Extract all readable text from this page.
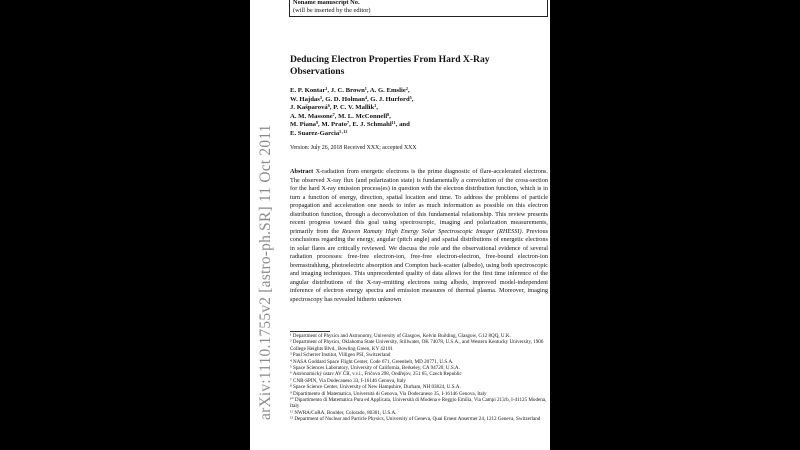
arXiv:1110.1755v2 [astro-ph.SR] 11 Oct 2011
Noname manuscript No.
(will be inserted by the editor)
Deducing Electron Properties From Hard X-Ray Observations
E. P. Kontar¹, J. C. Brown¹, A. G. Emslie²,
W. Hajdas³, G. D. Holman⁴, G. J. Hurford⁵,
J. Kašparová⁶, P. C. V. Mallik¹,
A. M. Massone⁷, M. L. McConnell⁸,
M. Piana⁹, M. Prato⁷, E. J. Schmahl¹¹, and
E. Suarez-Garcia¹·¹²
Version: July 26, 2018 Received XXX; accepted XXX
Abstract X-radiation from energetic electrons is the prime diagnostic of flare-accelerated electrons. The observed X-ray flux (and polarization state) is fundamentally a convolution of the cross-section for the hard X-ray emission process(es) in question with the electron distribution function, which is in turn a function of energy, direction, spatial location and time. To address the problems of particle propagation and acceleration one needs to infer as much information as possible on this electron distribution function, through a deconvolution of this fundamental relationship. This review presents recent progress toward this goal using spectroscopic, imaging and polarization measurements, primarily from the Reuven Ramaty High Energy Solar Spectroscopic Imager (RHESSI). Previous conclusions regarding the energy, angular (pitch angle) and spatial distributions of energetic electrons in solar flares are critically reviewed. We discuss the role and the observational evidence of several radiation processes: free-free electron-ion, free-free electron-electron, free-bound electron-ion bremsstrahlung, photoelectric absorption and Compton back-scatter (albedo), using both spectroscopic and imaging techniques. This unprecedented quality of data allows for the first time inference of the angular distributions of the X-ray-emitting electrons using albedo, improved model-independent inference of electron energy spectra and emission measures of thermal plasma. Moreover, imaging spectroscopy has revealed hitherto unknown
¹ Department of Physics and Astronomy, University of Glasgow, Kelvin Building, Glasgow, G12 8QQ, U.K.
² Department of Physics, Oklahoma State University, Stillwater, OK 74078, U.S.A., and Western Kentucky University, 1906 College Heights Blvd., Bowling Green, KY 42101
³ Paul Scherrer Institut, Villigen PSI, Switzerland
⁴ NASA Goddard Space Flight Center, Code 671, Greenbelt, MD 20771, U.S.A.
⁵ Space Sciences Laboratory, University of California, Berkeley, CA 94720, U.S.A.
⁶ Astronomický ústav AV ČR, v.v.i., Fričova 298, Ondřejov, 251 65, Czech Republic
⁷ CNR-SPIN, Via Dodecaneso 33, I-16146 Genova, Italy
⁸ Space Science Center, University of New Hampshire, Durham, NH 03824, U.S.A.
⁹ Dipartimento di Matematica, Università di Genova, Via Dodecaneso 35, I-16146 Genova, Italy
¹⁰ Dipartimento di Matematica Pura ed Applicata, Università di Modena e Reggio Emilia, Via Campi 213/b, I-41125 Modena, Italy
¹¹ NWRA/CoRA, Boulder, Colorado, 80301, U.S.A.
¹² Department of Nuclear and Particle Physics, University of Geneva, Quai Ernest Ansermet 24, 1212 Geneva, Switzerland
